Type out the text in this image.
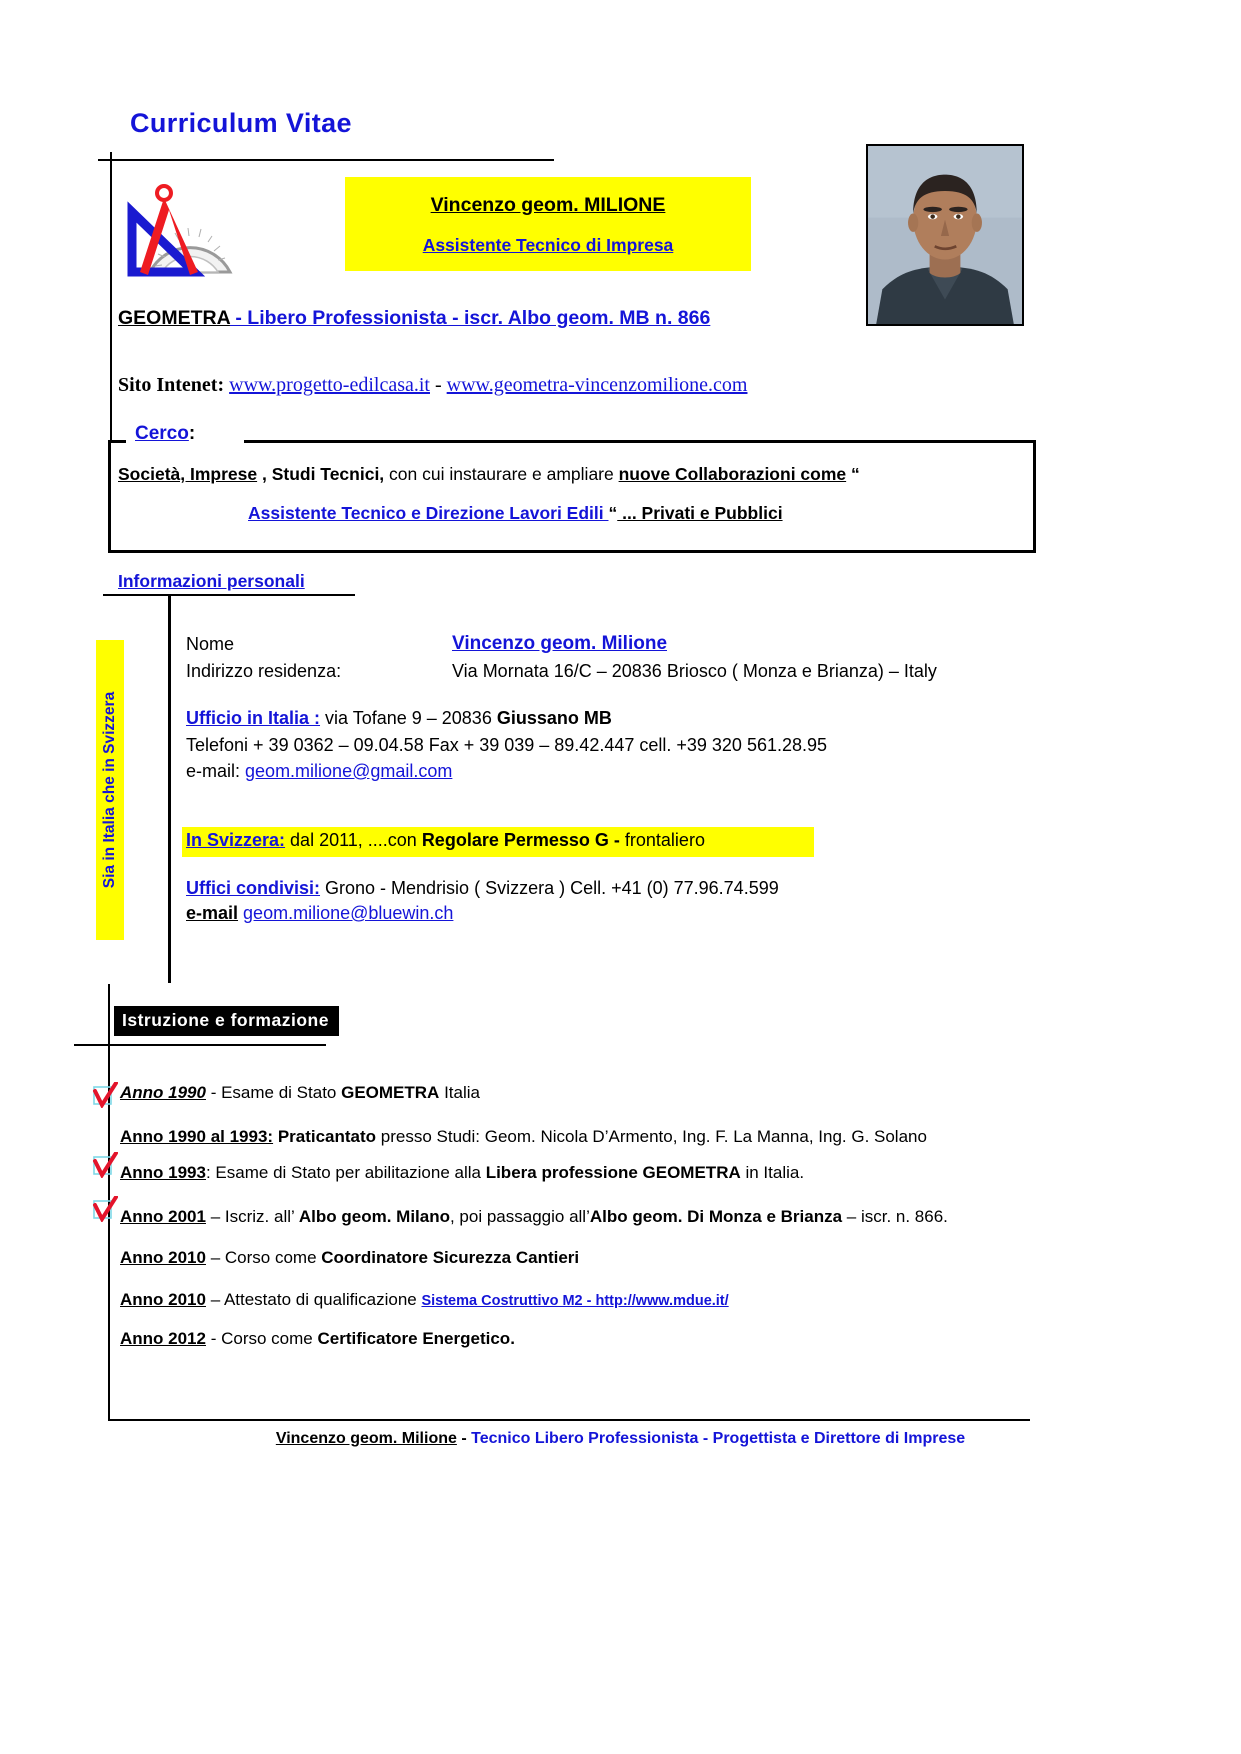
Curriculum Vitae
Vincenzo geom. MILIONE
Assistente Tecnico di Impresa
GEOMETRA - Libero Professionista - iscr. Albo geom. MB n. 866
Sito Intenet: www.progetto-edilcasa.it - www.geometra-vincenzomilione.com
Cerco:
Società, Imprese , Studi Tecnici, con cui instaurare e ampliare nuove Collaborazioni come “
Assistente Tecnico e Direzione Lavori Edili “ ... Privati e Pubblici
Informazioni personali
Sia in Italia che in Svizzera
Nome	Vincenzo geom. Milione
Indirizzo residenza:	Via Mornata 16/C – 20836 Briosco ( Monza e Brianza) – Italy
Ufficio in Italia : via Tofane 9 – 20836 Giussano MB
Telefoni + 39 0362 – 09.04.58 Fax + 39 039 – 89.42.447 cell. +39 320 561.28.95
e-mail: geom.milione@gmail.com
In Svizzera: dal 2011, ....con Regolare Permesso G - frontaliero
Uffici condivisi: Grono - Mendrisio ( Svizzera ) Cell. +41 (0) 77.96.74.599
e-mail geom.milione@bluewin.ch
Istruzione e formazione
Anno 1990 - Esame di Stato GEOMETRA Italia
Anno 1990 al 1993: Praticantato presso Studi: Geom. Nicola D’Armento, Ing. F. La Manna, Ing. G. Solano
Anno 1993: Esame di Stato per abilitazione alla Libera professione GEOMETRA in Italia.
Anno 2001 – Iscriz. all’ Albo geom. Milano, poi passaggio all’Albo geom. Di Monza e Brianza – iscr. n. 866.
Anno 2010 – Corso come Coordinatore Sicurezza Cantieri
Anno 2010 – Attestato di qualificazione Sistema Costruttivo M2 - http://www.mdue.it/
Anno 2012 - Corso come Certificatore Energetico.
Vincenzo geom. Milione - Tecnico Libero Professionista - Progettista e Direttore di Imprese
